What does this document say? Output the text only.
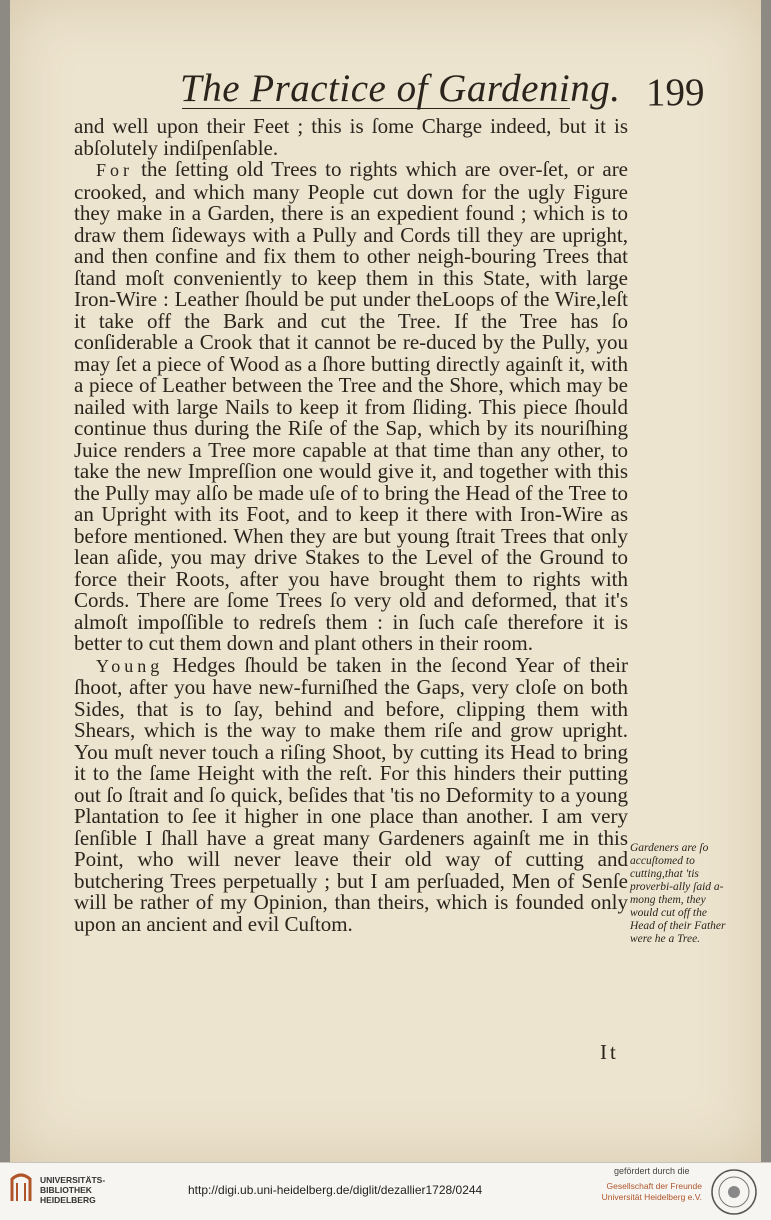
The Practice of Gardening. 199

and well upon their Feet ; this is ſome Charge indeed, but it is abſolutely indiſpenſable.

For the ſetting old Trees to rights which are over-ſet, or are crooked, and which many People cut down for the ugly Figure they make in a Garden, there is an expedient found ; which is to draw them ſideways with a Pully and Cords till they are upright, and then confine and fix them to other neigh-bouring Trees that ſtand moſt conveniently to keep them in this State, with large Iron-Wire : Leather ſhould be put under theLoops of the Wire,leſt it take off the Bark and cut the Tree. If the Tree has ſo conſiderable a Crook that it cannot be re-duced by the Pully, you may ſet a piece of Wood as a ſhore butting directly againſt it, with a piece of Leather between the Tree and the Shore, which may be nailed with large Nails to keep it from ſliding. This piece ſhould continue thus during the Riſe of the Sap, which by its nouriſhing Juice renders a Tree more capable at that time than any other, to take the new Impreſſion one would give it, and together with this the Pully may alſo be made uſe of to bring the Head of the Tree to an Upright with its Foot, and to keep it there with Iron-Wire as before mentioned. When they are but young ſtrait Trees that only lean aſide, you may drive Stakes to the Level of the Ground to force their Roots, after you have brought them to rights with Cords. There are ſome Trees ſo very old and deformed, that it's almoſt impoſſible to redreſs them : in ſuch caſe therefore it is better to cut them down and plant others in their room.

Young Hedges ſhould be taken in the ſecond Year of their ſhoot, after you have new-furniſhed the Gaps, very cloſe on both Sides, that is to ſay, behind and before, clipping them with Shears, which is the way to make them riſe and grow upright. You muſt never touch a riſing Shoot, by cutting its Head to bring it to the ſame Height with the reſt. For this hinders their putting out ſo ſtrait and ſo quick, beſides that 'tis no Deformity to a young Plantation to ſee it higher in one place than another. I am very ſenſible I ſhall have a great many Gardeners againſt me in this Point, who will never leave their old way of cutting and butchering Trees perpetually ; but I am perſuaded, Men of Senſe will be rather of my Opinion, than theirs, which is founded only upon an ancient and evil Cuſtom.

Gardeners are ſo accuſtomed to cutting,that 'tis proverbi-ally ſaid a-mong them, they would cut off the Head of their Father were he a Tree.
It
UNIVERSITÄTS-
BIBLIOTHEK
HEIDELBERG
http://digi.ub.uni-heidelberg.de/diglit/dezallier1728/0244
gefördert durch die
Gesellschaft der Freunde
Universität Heidelberg e.V.
